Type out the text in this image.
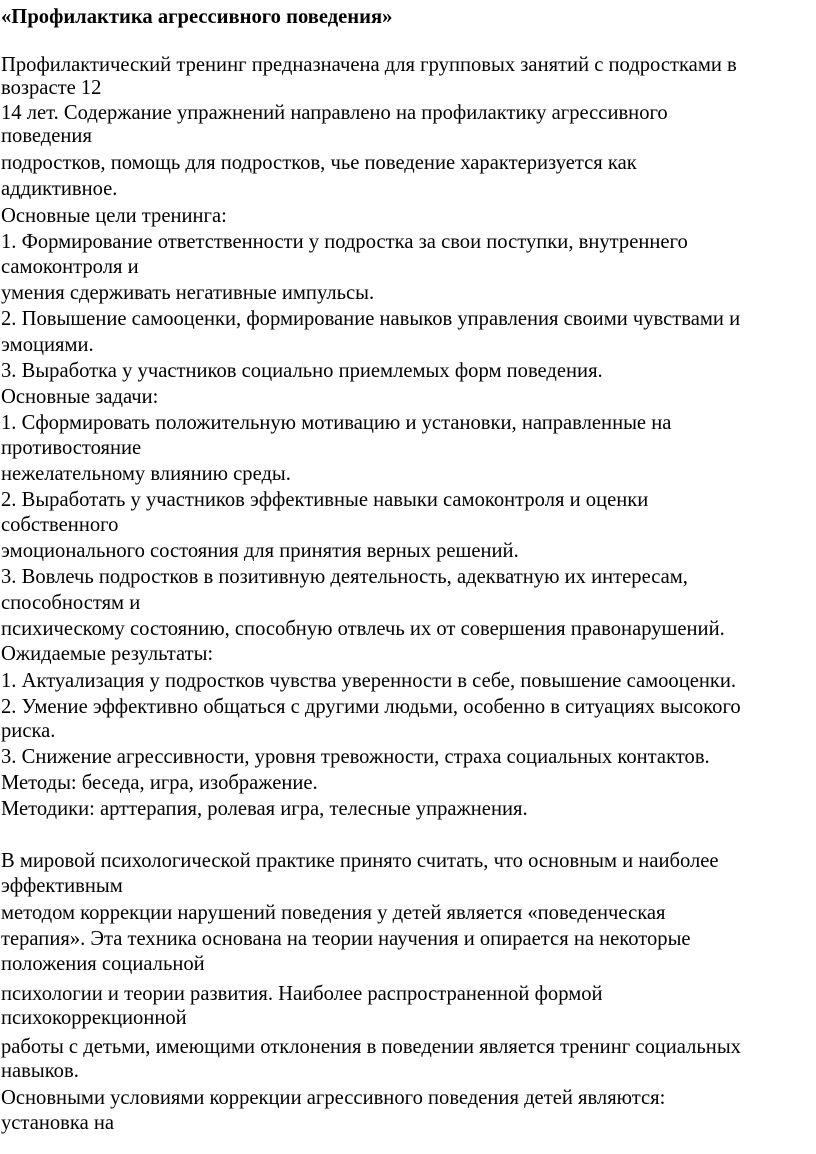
«Профилактика агрессивного поведения»
Профилактический тренинг предназначена для групповых занятий с подростками в
возрасте 12
14 лет. Содержание упражнений направлено на профилактику агрессивного
поведения
подростков, помощь для подростков, чье поведение характеризуется как
аддиктивное.
Основные цели тренинга:
1. Формирование ответственности у подростка за свои поступки, внутреннего
самоконтроля и
умения сдерживать негативные импульсы.
2. Повышение самооценки, формирование навыков управления своими чувствами и
эмоциями.
3. Выработка у участников социально приемлемых форм поведения.
Основные задачи:
1. Сформировать положительную мотивацию и установки, направленные на
противостояние
нежелательному влиянию среды.
2. Выработать у участников эффективные навыки самоконтроля и оценки
собственного
эмоционального состояния для принятия верных решений.
3. Вовлечь подростков в позитивную деятельность, адекватную их интересам,
способностям и
психическому состоянию, способную отвлечь их от совершения правонарушений.
Ожидаемые результаты:
1. Актуализация у подростков чувства уверенности в себе, повышение самооценки.
2. Умение эффективно общаться с другими людьми, особенно в ситуациях высокого
риска.
3. Снижение агрессивности, уровня тревожности, страха социальных контактов.
Методы: беседа, игра, изображение.
Методики: арттерапия, ролевая игра, телесные упражнения.
В мировой психологической практике принято считать, что основным и наиболее
эффективным
методом коррекции нарушений поведения у детей является «поведенческая
терапия». Эта техника основана на теории научения и опирается на некоторые
положения социальной
психологии и теории развития. Наиболее распространенной формой
психокоррекционной
работы с детьми, имеющими отклонения в поведении является тренинг социальных
навыков.
Основными условиями коррекции агрессивного поведения детей являются:
установка на
